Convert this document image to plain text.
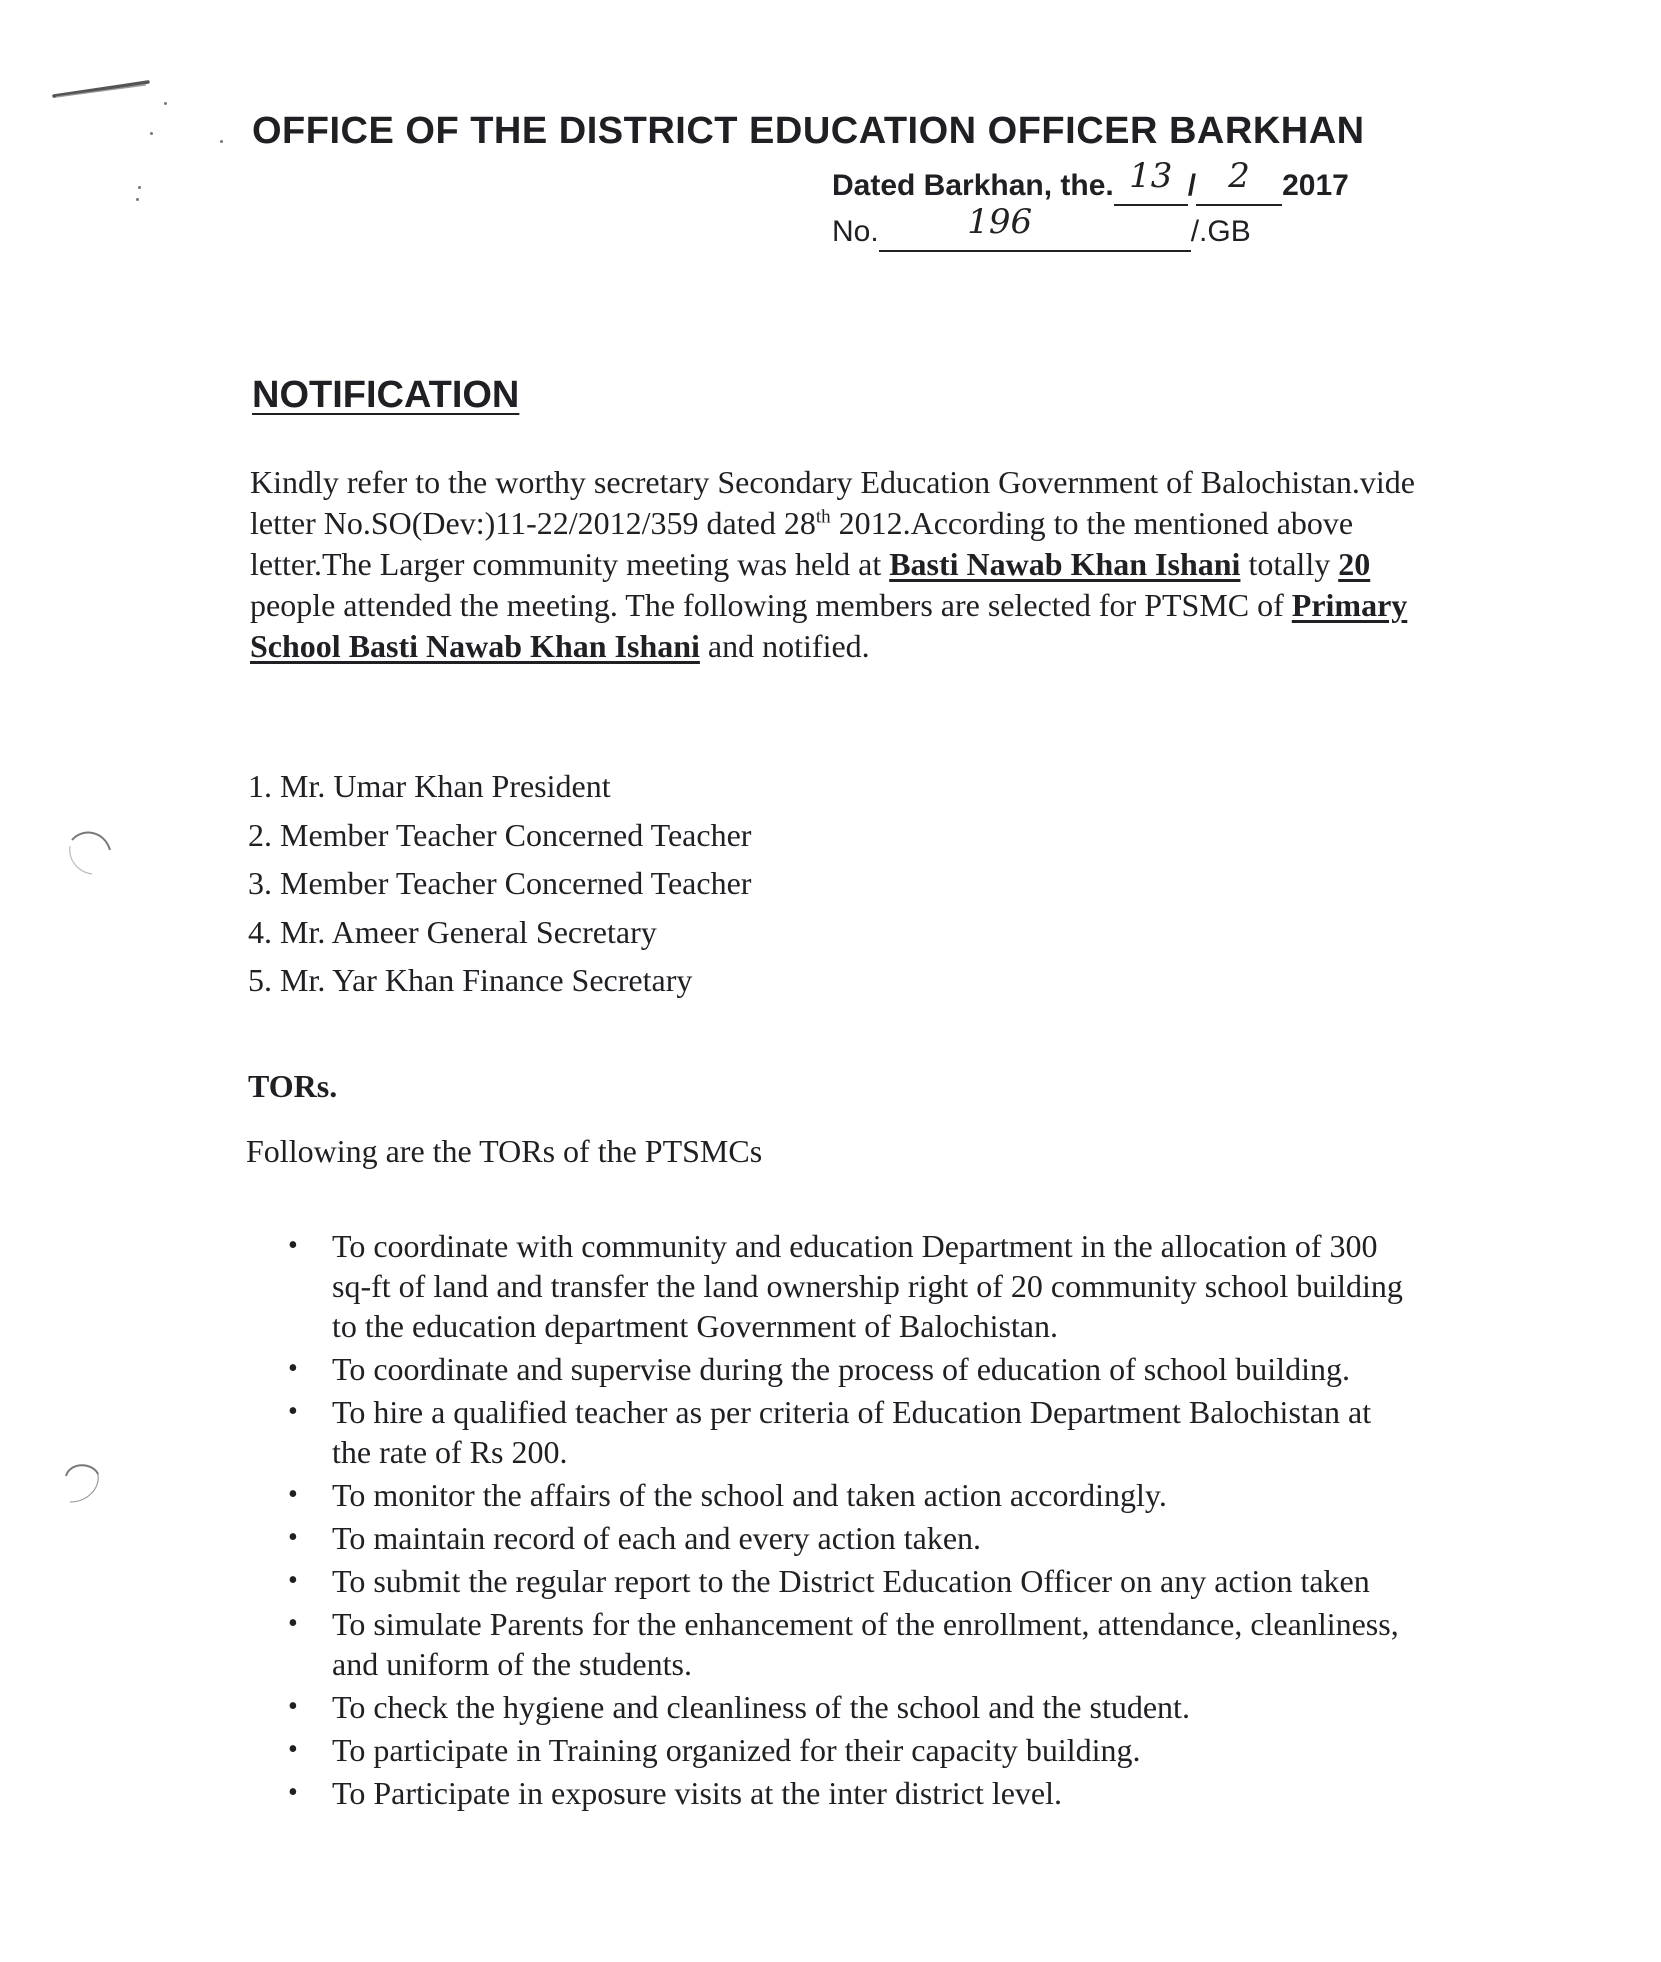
OFFICE OF THE DISTRICT EDUCATION OFFICER BARKHAN

Dated Barkhan, the. 13 / 2 2017

No.	196	/.GB

NOTIFICATION

Kindly refer to the worthy secretary Secondary Education Government of Balochistan.vide letter No.SO(Dev:)11-22/2012/359 dated 28th 2012.According to the mentioned above letter.The Larger community meeting was held at Basti Nawab Khan Ishani totally 20 people attended the meeting. The following members are selected for PTSMC of Primary School Basti Nawab Khan Ishani and notified.

1. Mr. Umar Khan President
2. Member Teacher Concerned Teacher
3. Member Teacher Concerned Teacher
4. Mr. Ameer General Secretary
5. Mr. Yar Khan Finance Secretary
TORs.

Following are the TORs of the PTSMCs

• To coordinate with community and education Department in the allocation of 300 sq-ft of land and transfer the land ownership right of 20 community school building to the education department Government of Balochistan.
• To coordinate and supervise during the process of education of school building.
• To hire a qualified teacher as per criteria of Education Department Balochistan at the rate of Rs 200.
• To monitor the affairs of the school and taken action accordingly.
• To maintain record of each and every action taken.
• To submit the regular report to the District Education Officer on any action taken
• To simulate Parents for the enhancement of the enrollment, attendance, cleanliness, and uniform of the students.
• To check the hygiene and cleanliness of the school and the student.
• To participate in Training organized for their capacity building.
• To Participate in exposure visits at the inter district level.
